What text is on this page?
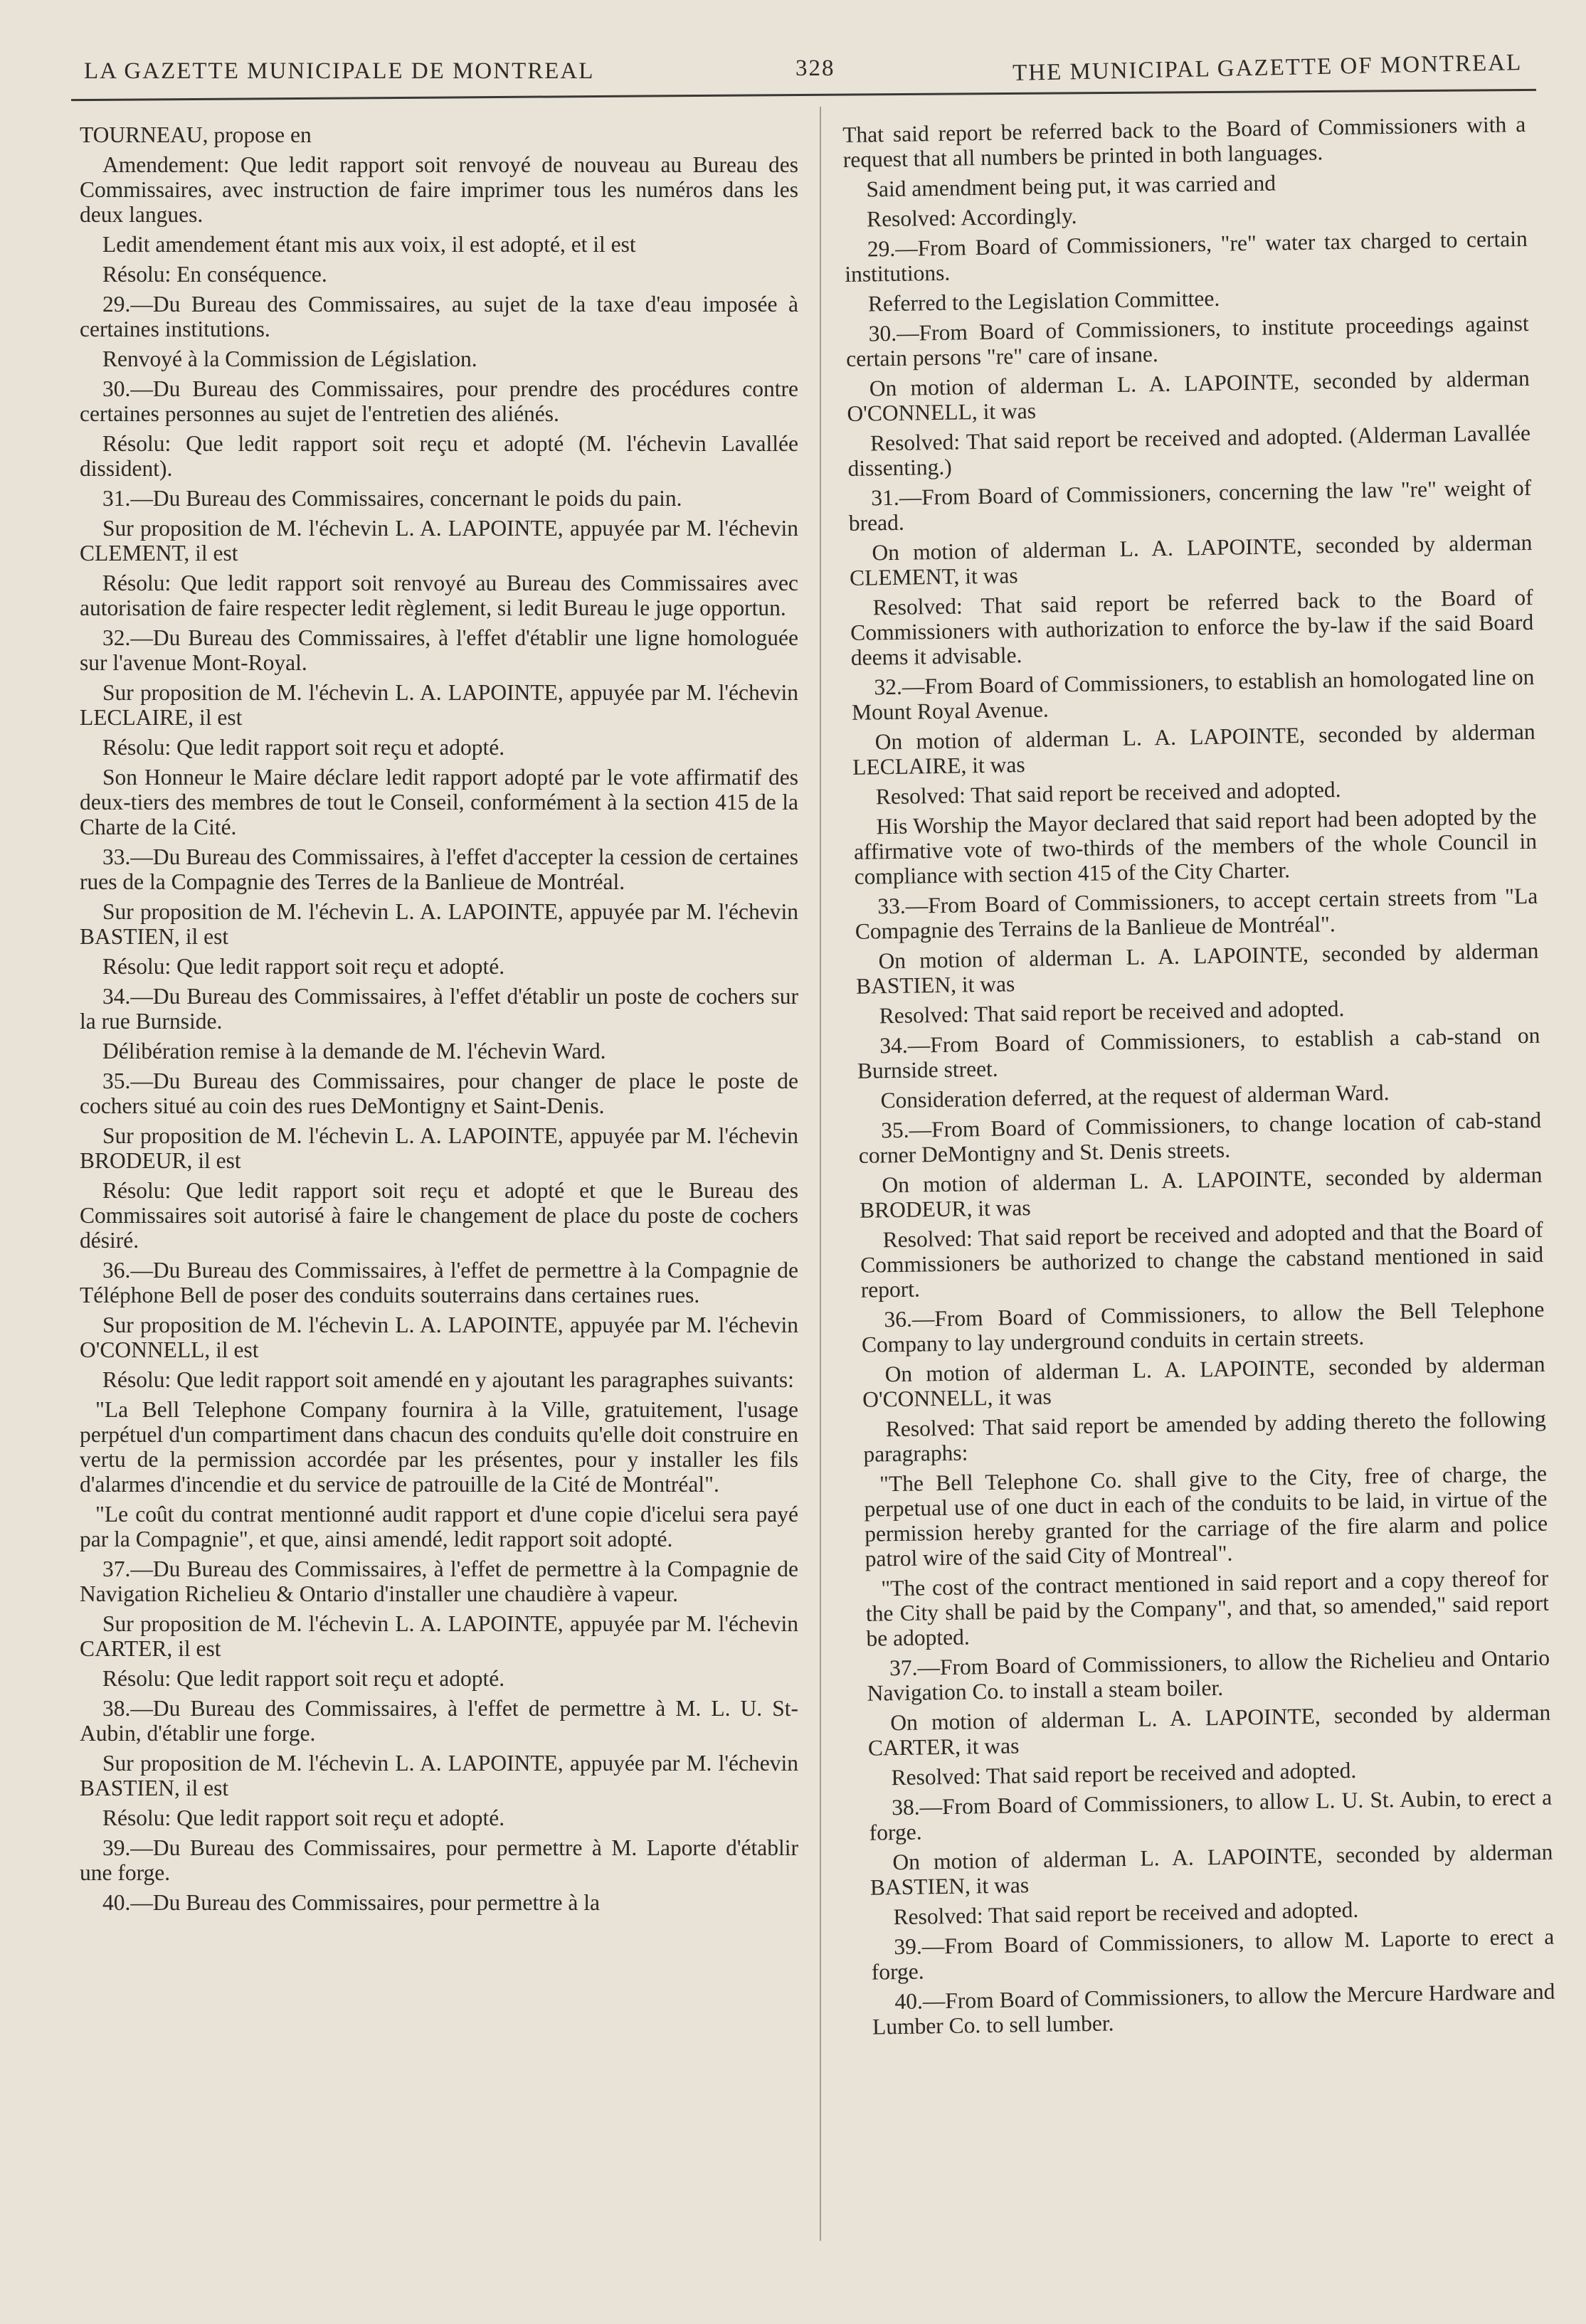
LA GAZETTE MUNICIPALE DE MONTREAL	328	THE MUNICIPAL GAZETTE OF MONTREAL

TOURNEAU, propose en

Amendement: Que ledit rapport soit renvoyé de nouveau au Bureau des Commissaires, avec instruction de faire imprimer tous les numéros dans les deux langues.

Ledit amendement étant mis aux voix, il est adopté, et il est

Résolu: En conséquence.

29.—Du Bureau des Commissaires, au sujet de la taxe d'eau imposée à certaines institutions.

Renvoyé à la Commission de Législation.

30.—Du Bureau des Commissaires, pour prendre des procédures contre certaines personnes au sujet de l'entretien des aliénés.

Résolu: Que ledit rapport soit reçu et adopté (M. l'échevin Lavallée dissident).

31.—Du Bureau des Commissaires, concernant le poids du pain.

Sur proposition de M. l'échevin L. A. LAPOINTE, appuyée par M. l'échevin CLEMENT, il est

Résolu: Que ledit rapport soit renvoyé au Bureau des Commissaires avec autorisation de faire respecter ledit règlement, si ledit Bureau le juge opportun.

32.—Du Bureau des Commissaires, à l'effet d'établir une ligne homologuée sur l'avenue Mont-Royal.

Sur proposition de M. l'échevin L. A. LAPOINTE, appuyée par M. l'échevin LECLAIRE, il est

Résolu: Que ledit rapport soit reçu et adopté.

Son Honneur le Maire déclare ledit rapport adopté par le vote affirmatif des deux-tiers des membres de tout le Conseil, conformément à la section 415 de la Charte de la Cité.

33.—Du Bureau des Commissaires, à l'effet d'accepter la cession de certaines rues de la Compagnie des Terres de la Banlieue de Montréal.

Sur proposition de M. l'échevin L. A. LAPOINTE, appuyée par M. l'échevin BASTIEN, il est

Résolu: Que ledit rapport soit reçu et adopté.

34.—Du Bureau des Commissaires, à l'effet d'établir un poste de cochers sur la rue Burnside.

Délibération remise à la demande de M. l'échevin Ward.

35.—Du Bureau des Commissaires, pour changer de place le poste de cochers situé au coin des rues DeMontigny et Saint-Denis.

Sur proposition de M. l'échevin L. A. LAPOINTE, appuyée par M. l'échevin BRODEUR, il est

Résolu: Que ledit rapport soit reçu et adopté et que le Bureau des Commissaires soit autorisé à faire le changement de place du poste de cochers désiré.

36.—Du Bureau des Commissaires, à l'effet de permettre à la Compagnie de Téléphone Bell de poser des conduits souterrains dans certaines rues.

Sur proposition de M. l'échevin L. A. LAPOINTE, appuyée par M. l'échevin O'CONNELL, il est

Résolu: Que ledit rapport soit amendé en y ajoutant les paragraphes suivants:

"La Bell Telephone Company fournira à la Ville, gratuitement, l'usage perpétuel d'un compartiment dans chacun des conduits qu'elle doit construire en vertu de la permission accordée par les présentes, pour y installer les fils d'alarmes d'incendie et du service de patrouille de la Cité de Montréal".

"Le coût du contrat mentionné audit rapport et d'une copie d'icelui sera payé par la Compagnie", et que, ainsi amendé, ledit rapport soit adopté.

37.—Du Bureau des Commissaires, à l'effet de permettre à la Compagnie de Navigation Richelieu & Ontario d'installer une chaudière à vapeur.

Sur proposition de M. l'échevin L. A. LAPOINTE, appuyée par M. l'échevin CARTER, il est

Résolu: Que ledit rapport soit reçu et adopté.

38.—Du Bureau des Commissaires, à l'effet de permettre à M. L. U. St-Aubin, d'établir une forge.

Sur proposition de M. l'échevin L. A. LAPOINTE, appuyée par M. l'échevin BASTIEN, il est

Résolu: Que ledit rapport soit reçu et adopté.

39.—Du Bureau des Commissaires, pour permettre à M. Laporte d'établir une forge.

40.—Du Bureau des Commissaires, pour permettre à la

That said report be referred back to the Board of Commissioners with a request that all numbers be printed in both languages.

Said amendment being put, it was carried and

Resolved: Accordingly.

29.—From Board of Commissioners, "re" water tax charged to certain institutions.

Referred to the Legislation Committee.

30.—From Board of Commissioners, to institute proceedings against certain persons "re" care of insane.

On motion of alderman L. A. LAPOINTE, seconded by alderman O'CONNELL, it was

Resolved: That said report be received and adopted. (Alderman Lavallée dissenting.)

31.—From Board of Commissioners, concerning the law "re" weight of bread.

On motion of alderman L. A. LAPOINTE, seconded by alderman CLEMENT, it was

Resolved: That said report be referred back to the Board of Commissioners with authorization to enforce the by-law if the said Board deems it advisable.

32.—From Board of Commissioners, to establish an homologated line on Mount Royal Avenue.

On motion of alderman L. A. LAPOINTE, seconded by alderman LECLAIRE, it was

Resolved: That said report be received and adopted.

His Worship the Mayor declared that said report had been adopted by the affirmative vote of two-thirds of the members of the whole Council in compliance with section 415 of the City Charter.

33.—From Board of Commissioners, to accept certain streets from "La Compagnie des Terrains de la Banlieue de Montréal".

On motion of alderman L. A. LAPOINTE, seconded by alderman BASTIEN, it was

Resolved: That said report be received and adopted.

34.—From Board of Commissioners, to establish a cab-stand on Burnside street.

Consideration deferred, at the request of alderman Ward.

35.—From Board of Commissioners, to change location of cab-stand corner DeMontigny and St. Denis streets.

On motion of alderman L. A. LAPOINTE, seconded by alderman BRODEUR, it was

Resolved: That said report be received and adopted and that the Board of Commissioners be authorized to change the cabstand mentioned in said report.

36.—From Board of Commissioners, to allow the Bell Telephone Company to lay underground conduits in certain streets.

On motion of alderman L. A. LAPOINTE, seconded by alderman O'CONNELL, it was

Resolved: That said report be amended by adding thereto the following paragraphs:

"The Bell Telephone Co. shall give to the City, free of charge, the perpetual use of one duct in each of the conduits to be laid, in virtue of the permission hereby granted for the carriage of the fire alarm and police patrol wire of the said City of Montreal".

"The cost of the contract mentioned in said report and a copy thereof for the City shall be paid by the Company", and that, so amended," said report be adopted.

37.—From Board of Commissioners, to allow the Richelieu and Ontario Navigation Co. to install a steam boiler.

On motion of alderman L. A. LAPOINTE, seconded by alderman CARTER, it was

Resolved: That said report be received and adopted.

38.—From Board of Commissioners, to allow L. U. St. Aubin, to erect a forge.

On motion of alderman L. A. LAPOINTE, seconded by alderman BASTIEN, it was

Resolved: That said report be received and adopted.

39.—From Board of Commissioners, to allow M. Laporte to erect a forge.

40.—From Board of Commissioners, to allow the Mercure Hardware and Lumber Co. to sell lumber.
